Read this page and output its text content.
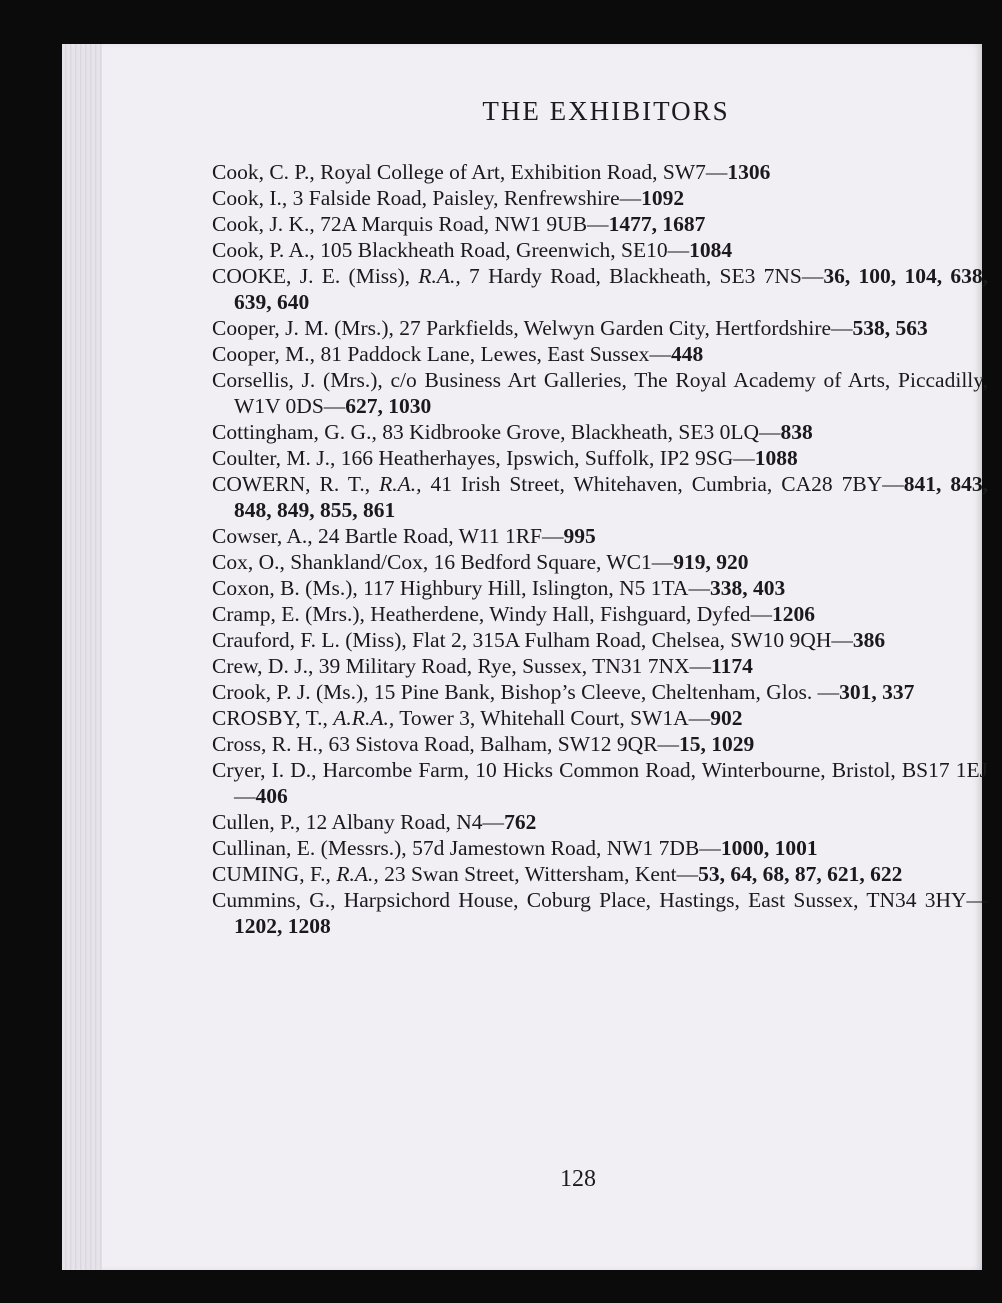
THE EXHIBITORS

Cook, C. P., Royal College of Art, Exhibition Road, SW7—1306

Cook, I., 3 Falside Road, Paisley, Renfrewshire—1092

Cook, J. K., 72A Marquis Road, NW1 9UB—1477, 1687

Cook, P. A., 105 Blackheath Road, Greenwich, SE10—1084

COOKE, J. E. (Miss), R.A., 7 Hardy Road, Blackheath, SE3 7NS—36, 100, 104, 638, 639, 640

Cooper, J. M. (Mrs.), 27 Parkfields, Welwyn Garden City, Hertfordshire—538, 563

Cooper, M., 81 Paddock Lane, Lewes, East Sussex—448

Corsellis, J. (Mrs.), c/o Business Art Galleries, The Royal Academy of Arts, Piccadilly, W1V 0DS—627, 1030

Cottingham, G. G., 83 Kidbrooke Grove, Blackheath, SE3 0LQ—838

Coulter, M. J., 166 Heatherhayes, Ipswich, Suffolk, IP2 9SG—1088

COWERN, R. T., R.A., 41 Irish Street, Whitehaven, Cumbria, CA28 7BY—841, 843, 848, 849, 855, 861

Cowser, A., 24 Bartle Road, W11 1RF—995

Cox, O., Shankland/Cox, 16 Bedford Square, WC1—919, 920

Coxon, B. (Ms.), 117 Highbury Hill, Islington, N5 1TA—338, 403

Cramp, E. (Mrs.), Heatherdene, Windy Hall, Fishguard, Dyfed—1206

Crauford, F. L. (Miss), Flat 2, 315A Fulham Road, Chelsea, SW10 9QH—386

Crew, D. J., 39 Military Road, Rye, Sussex, TN31 7NX—1174

Crook, P. J. (Ms.), 15 Pine Bank, Bishop’s Cleeve, Cheltenham, Glos. —301, 337

CROSBY, T., A.R.A., Tower 3, Whitehall Court, SW1A—902

Cross, R. H., 63 Sistova Road, Balham, SW12 9QR—15, 1029

Cryer, I. D., Harcombe Farm, 10 Hicks Common Road, Winterbourne, Bristol, BS17 1EJ—406

Cullen, P., 12 Albany Road, N4—762

Cullinan, E. (Messrs.), 57d Jamestown Road, NW1 7DB—1000, 1001

CUMING, F., R.A., 23 Swan Street, Wittersham, Kent—53, 64, 68, 87, 621, 622

Cummins, G., Harpsichord House, Coburg Place, Hastings, East Sussex, TN34 3HY—1202, 1208

128
